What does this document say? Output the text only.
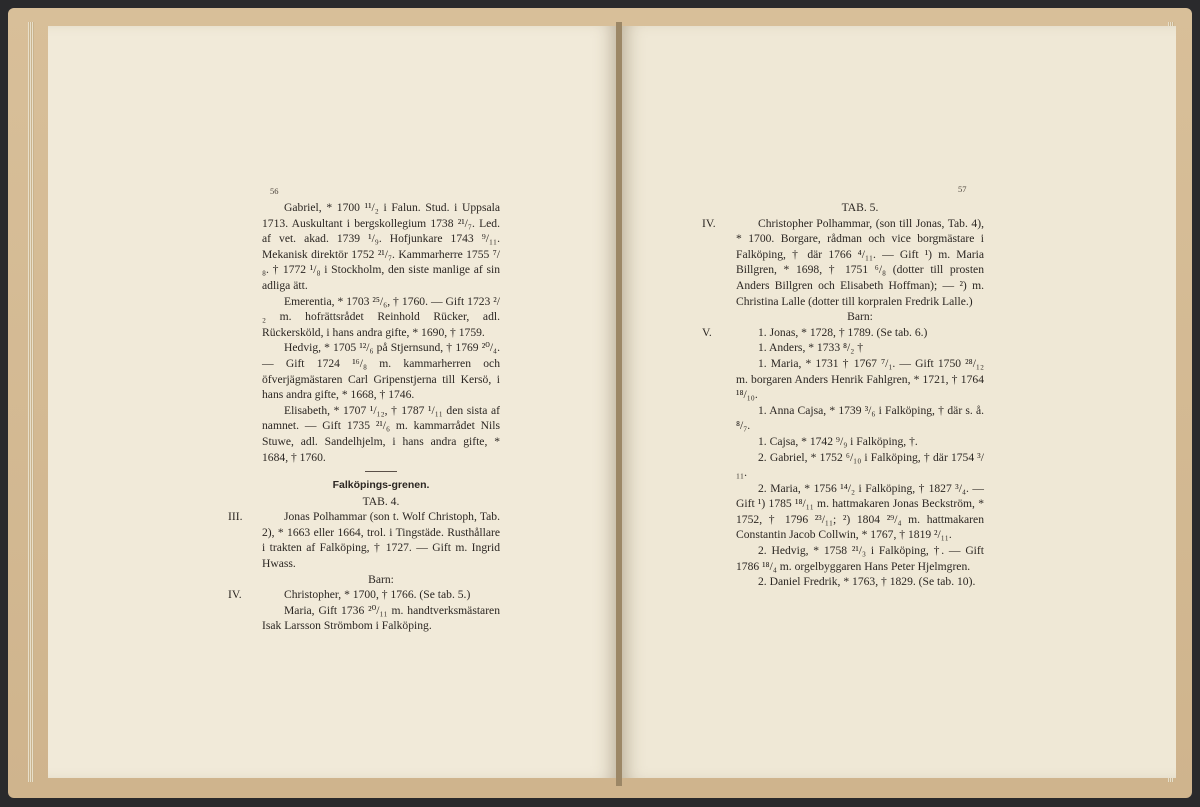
56

Gabriel, * 1700 ¹¹/₂ i Falun. Stud. i Uppsala 1713. Auskultant i bergskollegium 1738 ²¹/₇. Led. af vet. akad. 1739 ¹/₉. Hofjunkare 1743 ⁹/₁₁. Mekanisk direktör 1752 ²¹/₇. Kammarherre 1755 ⁷/₈. † 1772 ¹/₈ i Stockholm, den siste manlige af sin adliga ätt.

Emerentia, * 1703 ²⁵/₆, † 1760. — Gift 1723 ²/₂ m. hofrättsrådet Reinhold Rücker, adl. Rückersköld, i hans andra gifte, * 1690, † 1759.

Hedvig, * 1705 ¹²/₆ på Stjernsund, † 1769 ²⁰/₄. — Gift 1724 ¹⁶/₈ m. kammarherren och öfverjägmästaren Carl Gripenstjerna till Kersö, i hans andra gifte, * 1668, † 1746.

Elisabeth, * 1707 ¹/₁₂, † 1787 ¹/₁₁ den sista af namnet. — Gift 1735 ²¹/₆ m. kammarrådet Nils Stuwe, adl. Sandelhjelm, i hans andra gifte, * 1684, † 1760.

Falköpings-grenen.

TAB. 4.

III.	Jonas Polhammar (son t. Wolf Christoph, Tab. 2), * 1663 eller 1664, trol. i Tingstäde. Rusthållare i trakten af Falköping, † 1727. — Gift m. Ingrid Hwass.

Barn:

IV.	Christopher, * 1700, † 1766. (Se tab. 5.)

Maria, Gift 1736 ²⁰/₁₁ m. handtverksmästaren Isak Larsson Strömbom i Falköping.

57

TAB. 5.

IV.	Christopher Polhammar, (son till Jonas, Tab. 4), * 1700. Borgare, rådman och vice borgmästare i Falköping, † där 1766 ⁴/₁₁. — Gift ¹) m. Maria Billgren, * 1698, † 1751 ⁶/₈ (dotter till prosten Anders Billgren och Elisabeth Hoffman); — ²) m. Christina Lalle (dotter till korpralen Fredrik Lalle.)

Barn:

V.	1. Jonas, * 1728, † 1789. (Se tab. 6.)

1. Anders, * 1733 ⁸/₂ †

1. Maria, * 1731 † 1767 ⁷/₁. — Gift 1750 ²⁸/₁₂ m. borgaren Anders Henrik Fahlgren, * 1721, † 1764 ¹⁸/₁₀.

1. Anna Cajsa, * 1739 ³/₆ i Falköping, † där s. å. ⁸/₇.

1. Cajsa, * 1742 ⁹/₉ i Falköping, †.

2. Gabriel, * 1752 ⁶/₁₀ i Falköping, † där 1754 ³/₁₁.

2. Maria, * 1756 ¹⁴/₂ i Falköping, † 1827 ³/₄. — Gift ¹) 1785 ¹⁸/₁₁ m. hattmakaren Jonas Beckström, * 1752, † 1796 ²³/₁₁; ²) 1804 ²⁹/₄ m. hattmakaren Constantin Jacob Collwin, * 1767, † 1819 ²/₁₁.

2. Hedvig, * 1758 ²¹/₃ i Falköping, †. — Gift 1786 ¹⁸/₄ m. orgelbyggaren Hans Peter Hjelmgren.

2. Daniel Fredrik, * 1763, † 1829. (Se tab. 10).
